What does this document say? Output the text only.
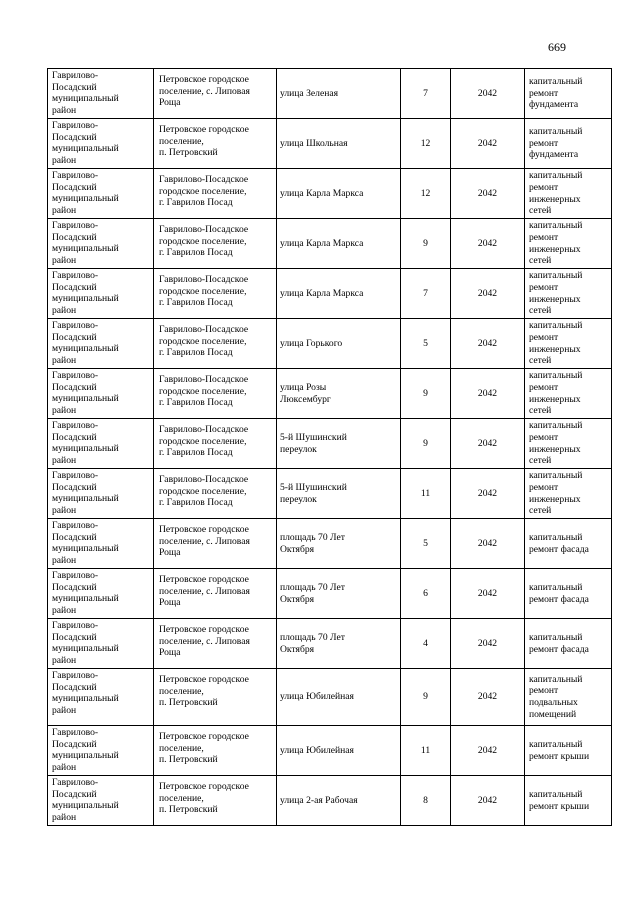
669
Гаврилово-
Посадский
муниципальный
район	Петровское городское
поселение, с. Липовая
Роща	улица Зеленая	7	2042	капитальный
ремонт
фундамента
Гаврилово-
Посадский
муниципальный
район	Петровское городское
поселение,
п. Петровский	улица Школьная	12	2042	капитальный
ремонт
фундамента
Гаврилово-
Посадский
муниципальный
район	Гаврилово-Посадское
городское поселение,
г. Гаврилов Посад	улица Карла Маркса	12	2042	капитальный
ремонт
инженерных
сетей
Гаврилово-
Посадский
муниципальный
район	Гаврилово-Посадское
городское поселение,
г. Гаврилов Посад	улица Карла Маркса	9	2042	капитальный
ремонт
инженерных
сетей
Гаврилово-
Посадский
муниципальный
район	Гаврилово-Посадское
городское поселение,
г. Гаврилов Посад	улица Карла Маркса	7	2042	капитальный
ремонт
инженерных
сетей
Гаврилово-
Посадский
муниципальный
район	Гаврилово-Посадское
городское поселение,
г. Гаврилов Посад	улица Горького	5	2042	капитальный
ремонт
инженерных
сетей
Гаврилово-
Посадский
муниципальный
район	Гаврилово-Посадское
городское поселение,
г. Гаврилов Посад	улица Розы
Люксембург	9	2042	капитальный
ремонт
инженерных
сетей
Гаврилово-
Посадский
муниципальный
район	Гаврилово-Посадское
городское поселение,
г. Гаврилов Посад	5-й Шушинский
переулок	9	2042	капитальный
ремонт
инженерных
сетей
Гаврилово-
Посадский
муниципальный
район	Гаврилово-Посадское
городское поселение,
г. Гаврилов Посад	5-й Шушинский
переулок	11	2042	капитальный
ремонт
инженерных
сетей
Гаврилово-
Посадский
муниципальный
район	Петровское городское
поселение, с. Липовая
Роща	площадь 70 Лет
Октября	5	2042	капитальный
ремонт фасада
Гаврилово-
Посадский
муниципальный
район	Петровское городское
поселение, с. Липовая
Роща	площадь 70 Лет
Октября	6	2042	капитальный
ремонт фасада
Гаврилово-
Посадский
муниципальный
район	Петровское городское
поселение, с. Липовая
Роща	площадь 70 Лет
Октября	4	2042	капитальный
ремонт фасада
Гаврилово-
Посадский
муниципальный
район	Петровское городское
поселение,
п. Петровский	улица Юбилейная	9	2042	капитальный
ремонт
подвальных
помещений
Гаврилово-
Посадский
муниципальный
район	Петровское городское
поселение,
п. Петровский	улица Юбилейная	11	2042	капитальный
ремонт крыши
Гаврилово-
Посадский
муниципальный
район	Петровское городское
поселение,
п. Петровский	улица 2-ая Рабочая	8	2042	капитальный
ремонт крыши
